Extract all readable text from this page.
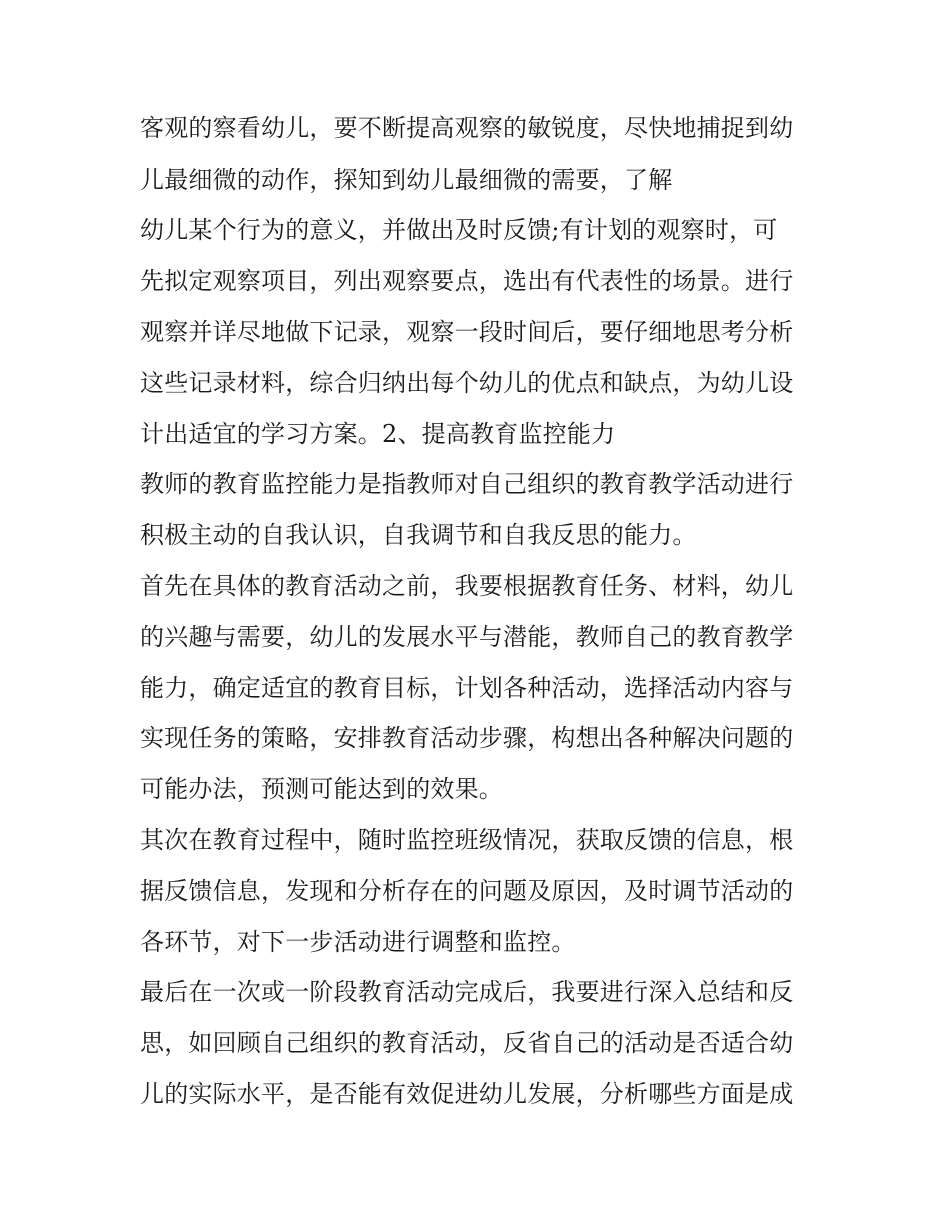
客观的察看幼儿，要不断提高观察的敏锐度，尽快地捕捉到幼
儿最细微的动作，探知到幼儿最细微的需要，了解
幼儿某个行为的意义，并做出及时反馈;有计划的观察时，可
先拟定观察项目，列出观察要点，选出有代表性的场景。进行
观察并详尽地做下记录，观察一段时间后，要仔细地思考分析
这些记录材料，综合归纳出每个幼儿的优点和缺点，为幼儿设
计出适宜的学习方案。2、提高教育监控能力
教师的教育监控能力是指教师对自己组织的教育教学活动进行
积极主动的自我认识，自我调节和自我反思的能力。
首先在具体的教育活动之前，我要根据教育任务、材料，幼儿
的兴趣与需要，幼儿的发展水平与潜能，教师自己的教育教学
能力，确定适宜的教育目标，计划各种活动，选择活动内容与
实现任务的策略，安排教育活动步骤，构想出各种解决问题的
可能办法，预测可能达到的效果。
其次在教育过程中，随时监控班级情况，获取反馈的信息，根
据反馈信息，发现和分析存在的问题及原因，及时调节活动的
各环节，对下一步活动进行调整和监控。
最后在一次或一阶段教育活动完成后，我要进行深入总结和反
思，如回顾自己组织的教育活动，反省自己的活动是否适合幼
儿的实际水平，是否能有效促进幼儿发展，分析哪些方面是成
